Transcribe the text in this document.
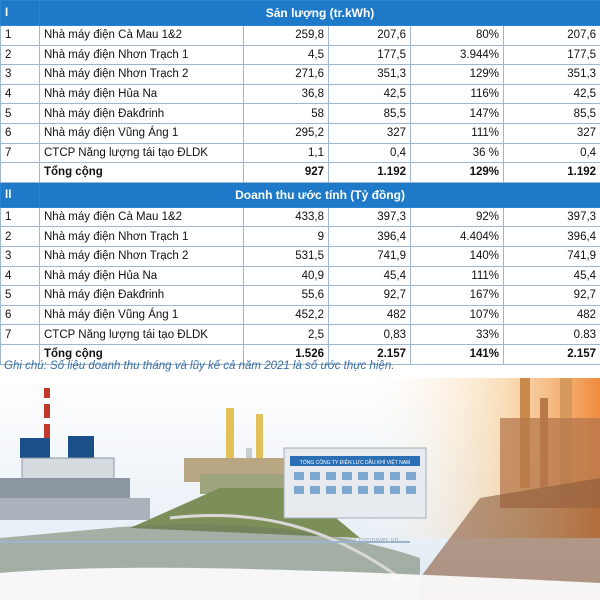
I	Sản lượng (tr.kWh)				
1	Nhà máy điện Cà Mau 1&2	259,8	207,6	80%	207,6
2	Nhà máy điện Nhơn Trạch 1	4,5	177,5	3.944%	177,5
3	Nhà máy điện Nhơn Trạch 2	271,6	351,3	129%	351,3
4	Nhà máy điện Hủa Na	36,8	42,5	116%	42,5
5	Nhà máy điện Đakđrinh	58	85,5	147%	85,5
6	Nhà máy điện Vũng Áng 1	295,2	327	111%	327
7	CTCP Năng lượng tái tạo ĐLDK	1,1	0,4	36 %	0,4
	Tổng cộng	927	1.192	129%	1.192
II	Doanh thu ước tính (Tỷ đồng)				
1	Nhà máy điện Cà Mau 1&2	433,8	397,3	92%	397,3
2	Nhà máy điện Nhơn Trạch 1	9	396,4	4.404%	396,4
3	Nhà máy điện Nhơn Trạch 2	531,5	741,9	140%	741,9
4	Nhà máy điện Hủa Na	40,9	45,4	111%	45,4
5	Nhà máy điện Đakđrinh	55,6	92,7	167%	92,7
6	Nhà máy điện Vũng Áng 1	452,2	482	107%	482
7	CTCP Năng lượng tái tạo ĐLDK	2,5	0,83	33%	0.83
	Tổng cộng	1.526	2.157	141%	2.157
Ghi chú: Số liệu doanh thu tháng và lũy kế cả năm 2021 là số ước thực hiện.
TỔNG CÔNG TY ĐIỆN LỰC DẦU KHÍ VIỆT NAM
www.pvpower.vn
